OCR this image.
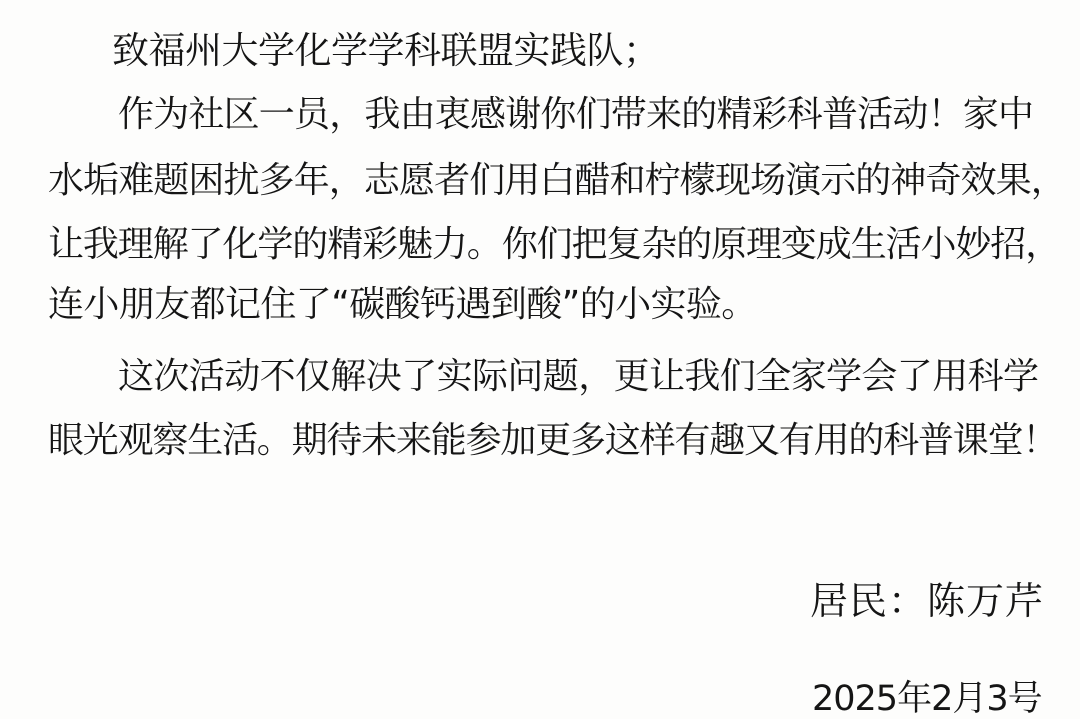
致福州大学化学学科联盟实践队；
作为社区一员，我由衷感谢你们带来的精彩科普活动！家中
水垢难题困扰多年，志愿者们用白醋和柠檬现场演示的神奇效果，
让我理解了化学的精彩魅力。你们把复杂的原理变成生活小妙招，
连小朋友都记住了“碳酸钙遇到酸”的小实验。
这次活动不仅解决了实际问题，更让我们全家学会了用科学
眼光观察生活。期待未来能参加更多这样有趣又有用的科普课堂！
居民：陈万芹
2025年2月3号
